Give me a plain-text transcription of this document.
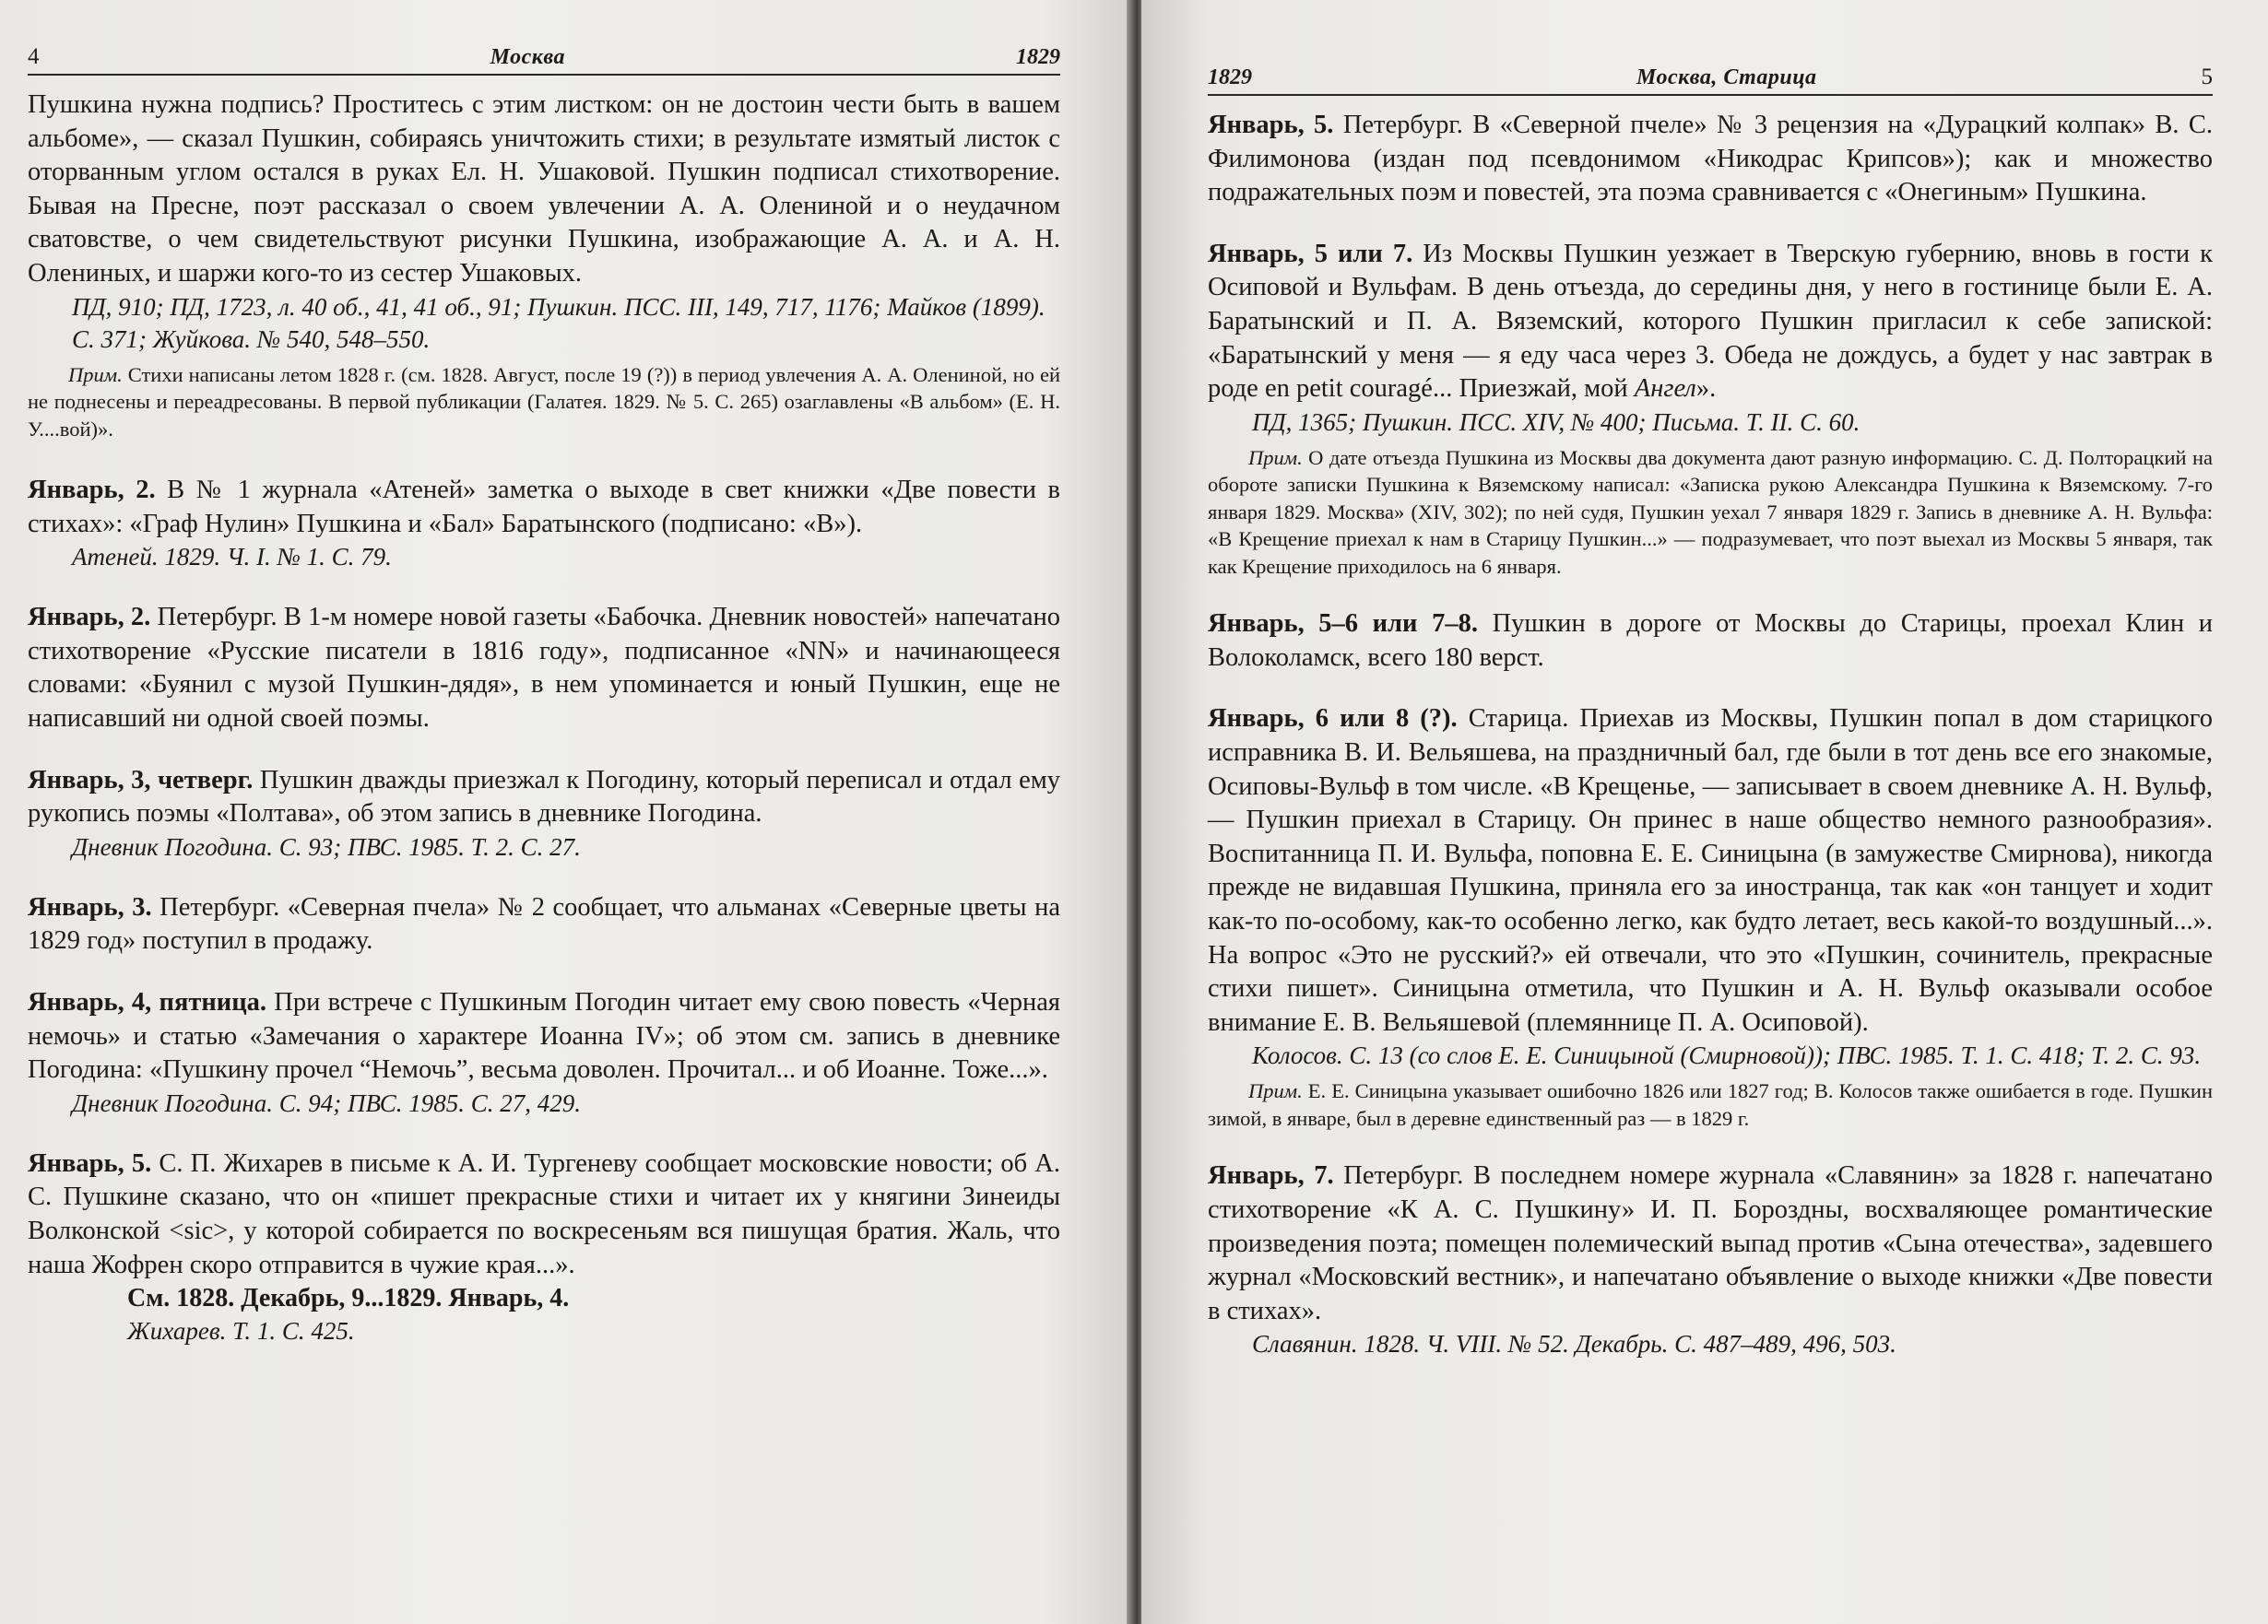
4	Москва	1829

Пушкина нужна подпись? Проститесь с этим листком: он не достоин чести быть в вашем альбоме», — сказал Пушкин, собираясь уничтожить стихи; в результате измятый листок с оторванным углом остался в руках Ел. Н. Ушаковой. Пушкин подписал стихотворение. Бывая на Пресне, поэт рассказал о своем увлечении А. А. Олениной и о неудачном сватовстве, о чем свидетельствуют рисунки Пушкина, изображающие А. А. и А. Н. Олениных, и шаржи кого-то из сестер Ушаковых.

ПД, 910; ПД, 1723, л. 40 об., 41, 41 об., 91; Пушкин. ПСС. III, 149, 717, 1176; Майков (1899). С. 371; Жуйкова. № 540, 548–550.

Прим. Стихи написаны летом 1828 г. (см. 1828. Август, после 19 (?)) в период увлечения А. А. Олениной, но ей не поднесены и переадресованы. В первой публикации (Галатея. 1829. № 5. С. 265) озаглавлены «В альбом» (Е. Н. У....вой)».

Январь, 2. В № 1 журнала «Атеней» заметка о выходе в свет книжки «Две повести в стихах»: «Граф Нулин» Пушкина и «Бал» Баратынского (подписано: «В»).

Атеней. 1829. Ч. I. № 1. С. 79.

Январь, 2. Петербург. В 1-м номере новой газеты «Бабочка. Дневник новостей» напечатано стихотворение «Русские писатели в 1816 году», подписанное «NN» и начинающееся словами: «Буянил с музой Пушкин-дядя», в нем упоминается и юный Пушкин, еще не написавший ни одной своей поэмы.

Январь, 3, четверг. Пушкин дважды приезжал к Погодину, который переписал и отдал ему рукопись поэмы «Полтава», об этом запись в дневнике Погодина.

Дневник Погодина. С. 93; ПВС. 1985. Т. 2. С. 27.

Январь, 3. Петербург. «Северная пчела» № 2 сообщает, что альманах «Северные цветы на 1829 год» поступил в продажу.

Январь, 4, пятница. При встрече с Пушкиным Погодин читает ему свою повесть «Черная немочь» и статью «Замечания о характере Иоанна IV»; об этом см. запись в дневнике Погодина: «Пушкину прочел “Немочь”, весьма доволен. Прочитал... и об Иоанне. Тоже...».

Дневник Погодина. С. 94; ПВС. 1985. С. 27, 429.

Январь, 5. С. П. Жихарев в письме к А. И. Тургеневу сообщает московские новости; об А. С. Пушкине сказано, что он «пишет прекрасные стихи и читает их у княгини Зинеиды Волконской <sic>, у которой собирается по воскресеньям вся пишущая братия. Жаль, что наша Жофрен скоро отправится в чужие края...».

См. 1828. Декабрь, 9...1829. Январь, 4.

Жихарев. Т. 1. С. 425.

1829	Москва, Старица	5

Январь, 5. Петербург. В «Северной пчеле» № 3 рецензия на «Дурацкий колпак» В. С. Филимонова (издан под псевдонимом «Никодрас Крипсов»); как и множество подражательных поэм и повестей, эта поэма сравнивается с «Онегиным» Пушкина.

Январь, 5 или 7. Из Москвы Пушкин уезжает в Тверскую губернию, вновь в гости к Осиповой и Вульфам. В день отъезда, до середины дня, у него в гостинице были Е. А. Баратынский и П. А. Вяземский, которого Пушкин пригласил к себе запиской: «Баратынский у меня — я еду часа через 3. Обеда не дождусь, а будет у нас завтрак в роде en petit couragé... Приезжай, мой Ангел».

ПД, 1365; Пушкин. ПСС. XIV, № 400; Письма. Т. II. С. 60.

Прим. О дате отъезда Пушкина из Москвы два документа дают разную информацию. С. Д. Полторацкий на обороте записки Пушкина к Вяземскому написал: «Записка рукою Александра Пушкина к Вяземскому. 7-го января 1829. Москва» (XIV, 302); по ней судя, Пушкин уехал 7 января 1829 г. Запись в дневнике А. Н. Вульфа: «В Крещение приехал к нам в Старицу Пушкин...» — подразумевает, что поэт выехал из Москвы 5 января, так как Крещение приходилось на 6 января.

Январь, 5–6 или 7–8. Пушкин в дороге от Москвы до Старицы, проехал Клин и Волоколамск, всего 180 верст.

Январь, 6 или 8 (?). Старица. Приехав из Москвы, Пушкин попал в дом старицкого исправника В. И. Вельяшева, на праздничный бал, где были в тот день все его знакомые, Осиповы-Вульф в том числе. «В Крещенье, — записывает в своем дневнике А. Н. Вульф, — Пушкин приехал в Старицу. Он принес в наше общество немного разнообразия». Воспитанница П. И. Вульфа, поповна Е. Е. Синицына (в замужестве Смирнова), никогда прежде не видавшая Пушкина, приняла его за иностранца, так как «он танцует и ходит как-то по-особому, как-то особенно легко, как будто летает, весь какой-то воздушный...». На вопрос «Это не русский?» ей отвечали, что это «Пушкин, сочинитель, прекрасные стихи пишет». Синицына отметила, что Пушкин и А. Н. Вульф оказывали особое внимание Е. В. Вельяшевой (племяннице П. А. Осиповой).

Колосов. С. 13 (со слов Е. Е. Синицыной (Смирновой)); ПВС. 1985. Т. 1. С. 418; Т. 2. С. 93.

Прим. Е. Е. Синицына указывает ошибочно 1826 или 1827 год; В. Колосов также ошибается в годе. Пушкин зимой, в январе, был в деревне единственный раз — в 1829 г.

Январь, 7. Петербург. В последнем номере журнала «Славянин» за 1828 г. напечатано стихотворение «К А. С. Пушкину» И. П. Бороздны, восхваляющее романтические произведения поэта; помещен полемический выпад против «Сына отечества», задевшего журнал «Московский вестник», и напечатано объявление о выходе книжки «Две повести в стихах».

Славянин. 1828. Ч. VIII. № 52. Декабрь. С. 487–489, 496, 503.
